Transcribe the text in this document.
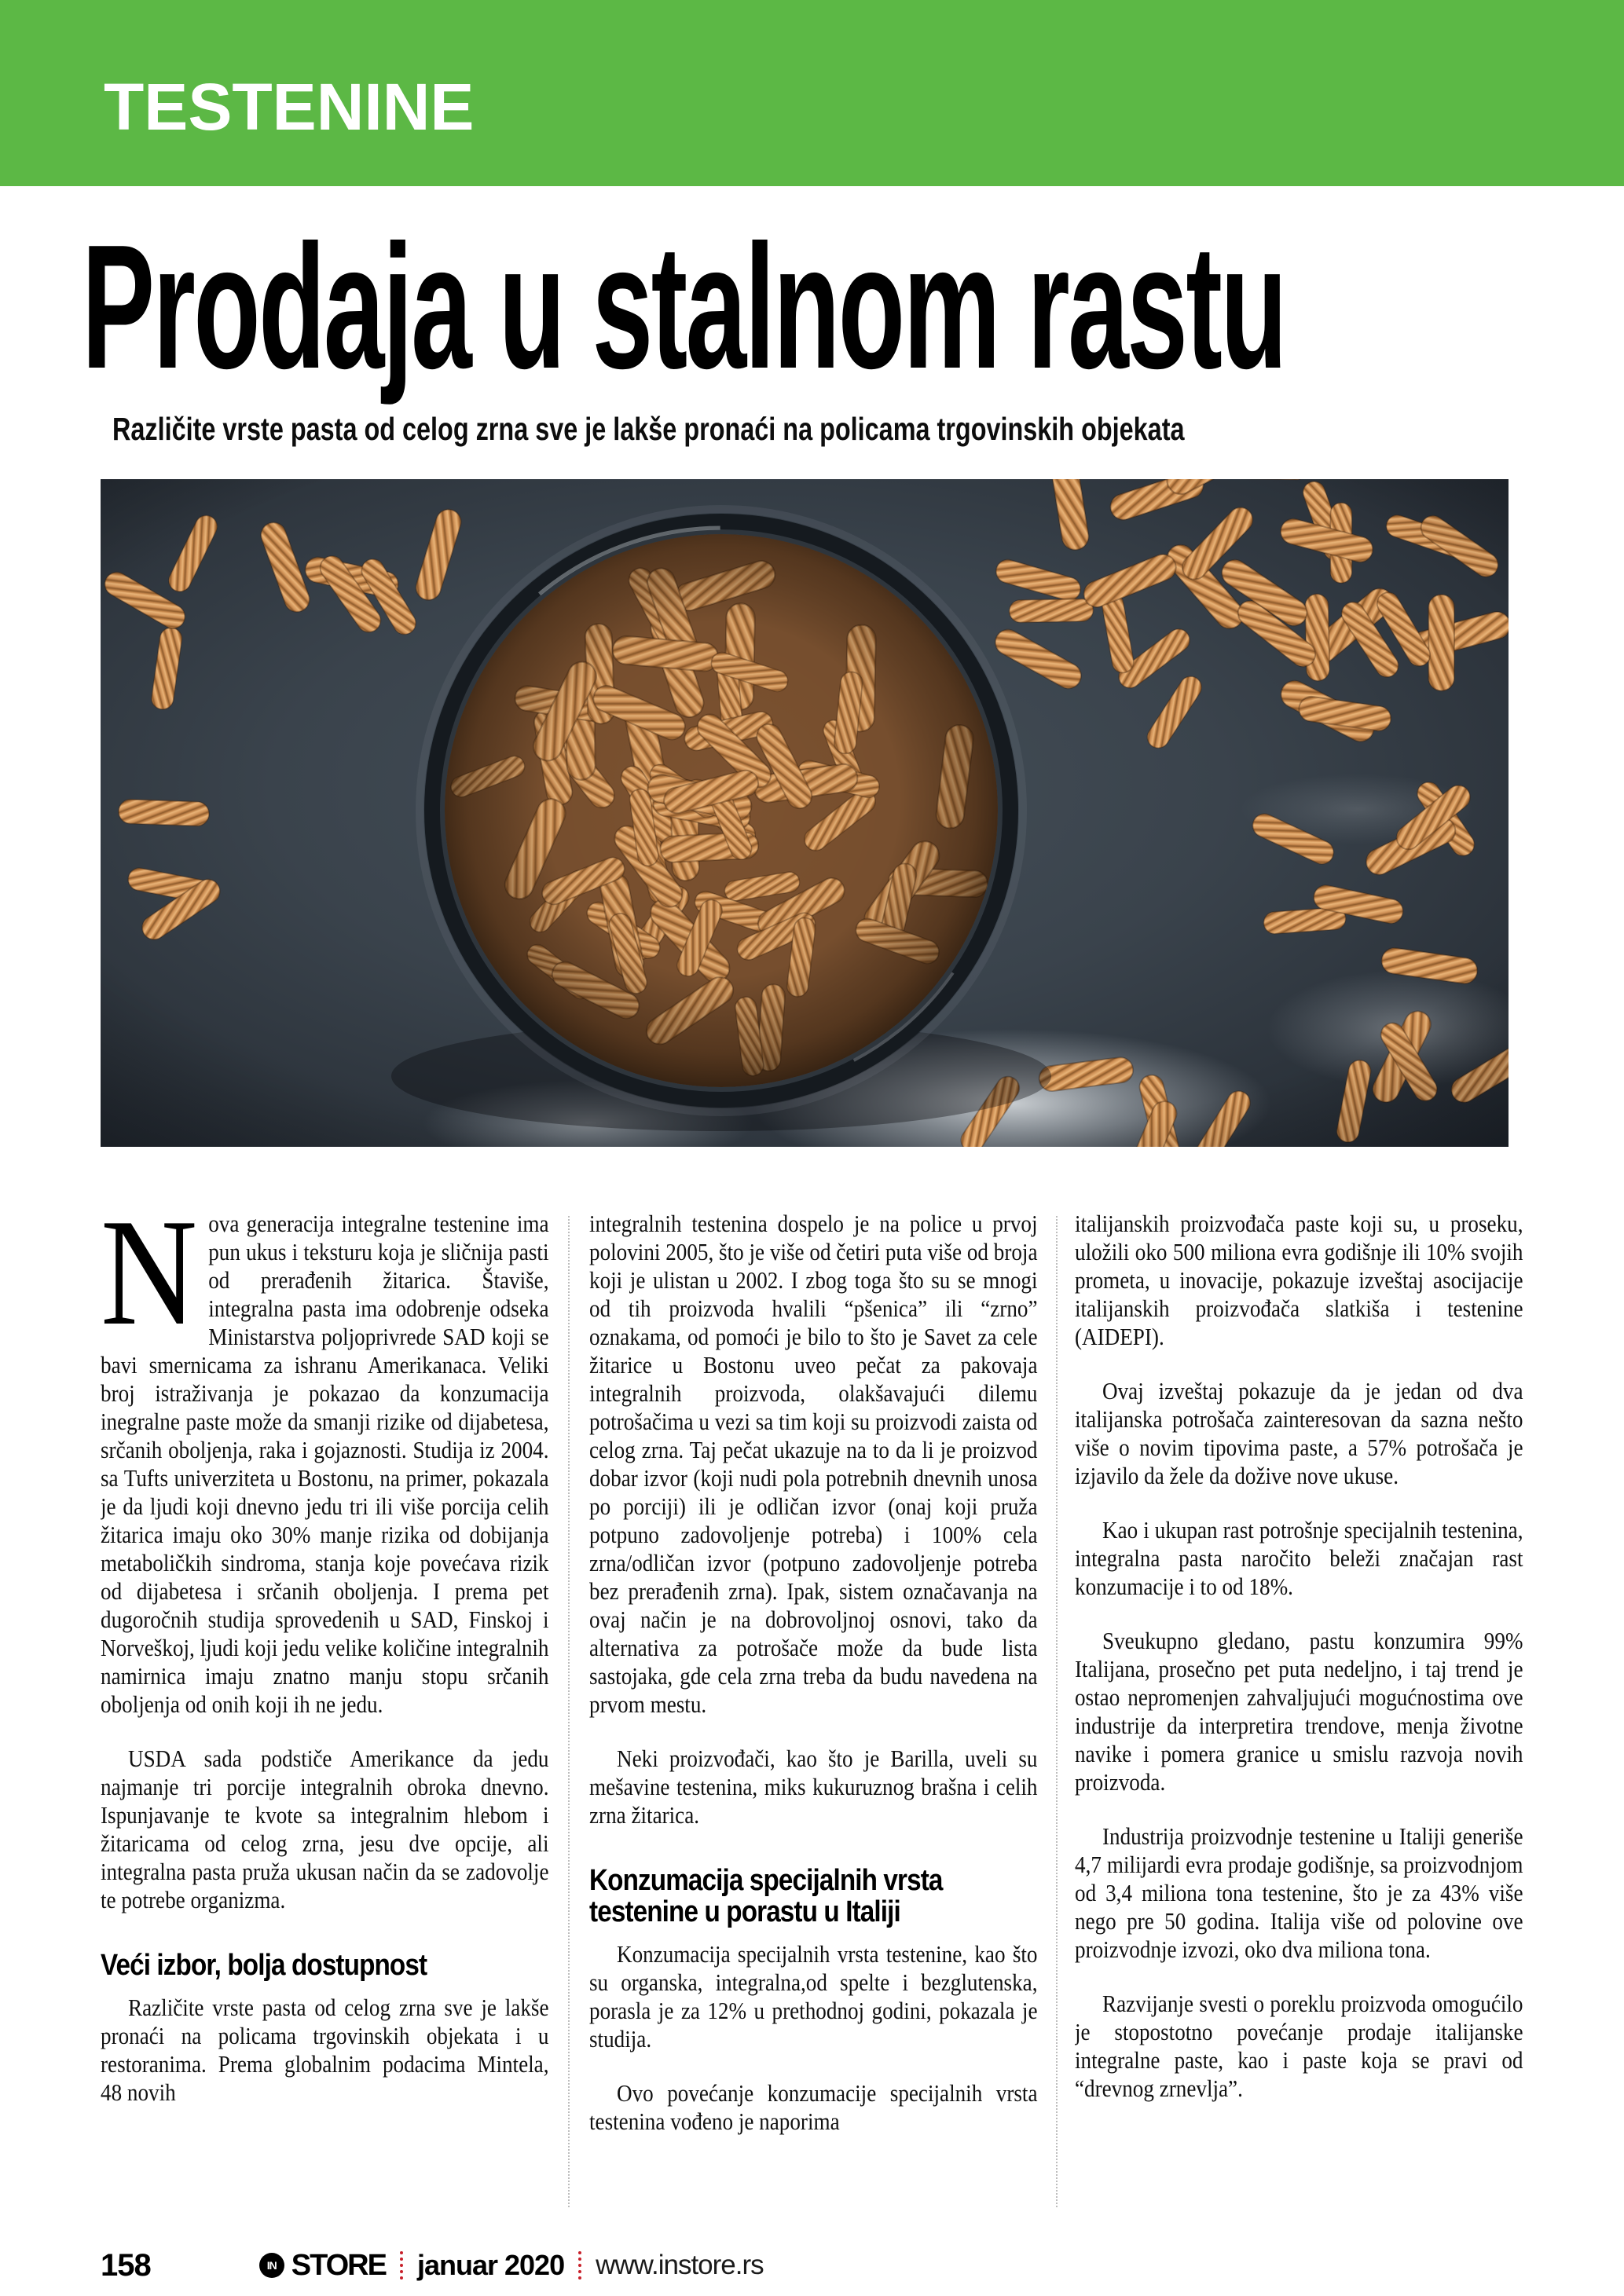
TESTENINE
Prodaja u stalnom rastu
Različite vrste pasta od celog zrna sve je lakše pronaći na policama trgovinskih objekata

Nova generacija integralne testenine ima pun ukus i teksturu koja je sličnija pasti od prerađenih žitarica. Štaviše, integralna pasta ima odobrenje odseka Ministarstva poljoprivrede SAD koji se bavi smernicama za ishranu Amerikanaca. Veliki broj istraživanja je pokazao da konzumacija inegralne paste može da smanji rizike od dijabetesa, srčanih oboljenja, raka i gojaznosti. Studija iz 2004. sa Tufts univerziteta u Bostonu, na primer, pokazala je da ljudi koji dnevno jedu tri ili više porcija celih žitarica imaju oko 30% manje rizika od dobijanja metaboličkih sindroma, stanja koje povećava rizik od dijabetesa i srčanih oboljenja. I prema pet dugoročnih studija sprovedenih u SAD, Finskoj i Norveškoj, ljudi koji jedu velike količine integralnih namirnica imaju znatno manju stopu srčanih oboljenja od onih koji ih ne jedu.

USDA sada podstiče Amerikance da jedu najmanje tri porcije integralnih obroka dnevno. Ispunjavanje te kvote sa integralnim hlebom i žitaricama od celog zrna, jesu dve opcije, ali integralna pasta pruža ukusan način da se zadovolje te potrebe organizma.

Veći izbor, bolja dostupnost

Različite vrste pasta od celog zrna sve je lakše pronaći na policama trgovinskih objekata i u restoranima. Prema globalnim podacima Mintela, 48 novih

integralnih testenina dospelo je na police u prvoj polovini 2005, što je više od četiri puta više od broja koji je ulistan u 2002. I zbog toga što su se mnogi od tih proizvoda hvalili “pšenica” ili “zrno” oznakama, od pomoći je bilo to što je Savet za cele žitarice u Bostonu uveo pečat za pakovaja integralnih proizvoda, olakšavajući dilemu potrošačima u vezi sa tim koji su proizvodi zaista od celog zrna. Taj pečat ukazuje na to da li je proizvod dobar izvor (koji nudi pola potrebnih dnevnih unosa po porciji) ili je odličan izvor (onaj koji pruža potpuno zadovoljenje potreba) i 100% cela zrna/odličan izvor (potpuno zadovoljenje potreba bez prerađenih zrna). Ipak, sistem označavanja na ovaj način je na dobrovoljnoj osnovi, tako da alternativa za potrošače može da bude lista sastojaka, gde cela zrna treba da budu navedena na prvom mestu.

Neki proizvođači, kao što je Barilla, uveli su mešavine testenina, miks kukuruznog brašna i celih zrna žitarica.

Konzumacija specijalnih vrsta testenine u porastu u Italiji

Konzumacija specijalnih vrsta testenine, kao što su organska, integralna,od spelte i bezglutenska, porasla je za 12% u prethodnoj godini, pokazala je studija.

Ovo povećanje konzumacije specijalnih vrsta testenina vođeno je naporima

italijanskih proizvođača paste koji su, u proseku, uložili oko 500 miliona evra godišnje ili 10% svojih prometa, u inovacije, pokazuje izveštaj asocijacije italijanskih proizvođača slatkiša i testenine (AIDEPI).

Ovaj izveštaj pokazuje da je jedan od dva italijanska potrošača zainteresovan da sazna nešto više o novim tipovima paste, a 57% potrošača je izjavilo da žele da dožive nove ukuse.

Kao i ukupan rast potrošnje specijalnih testenina, integralna pasta naročito beleži značajan rast konzumacije i to od 18%.

Sveukupno gledano, pastu konzumira 99% Italijana, prosečno pet puta nedeljno, i taj trend je ostao nepromenjen zahvaljujući mogućnostima ove industrije da interpretira trendove, menja životne navike i pomera granice u smislu razvoja novih proizvoda.

Industrija proizvodnje testenine u Italiji generiše 4,7 milijardi evra prodaje godišnje, sa proizvodnjom od 3,4 miliona tona testenine, što je za 43% više nego pre 50 godina. Italija više od polovine ove proizvodnje izvozi, oko dva miliona tona.

Razvijanje svesti o poreklu proizvoda omogućilo je stopostotno povećanje prodaje italijanske integralne paste, kao i paste koja se pravi od “drevnog zrnevlja”.

158	IN STORE januar 2020 www.instore.rs
